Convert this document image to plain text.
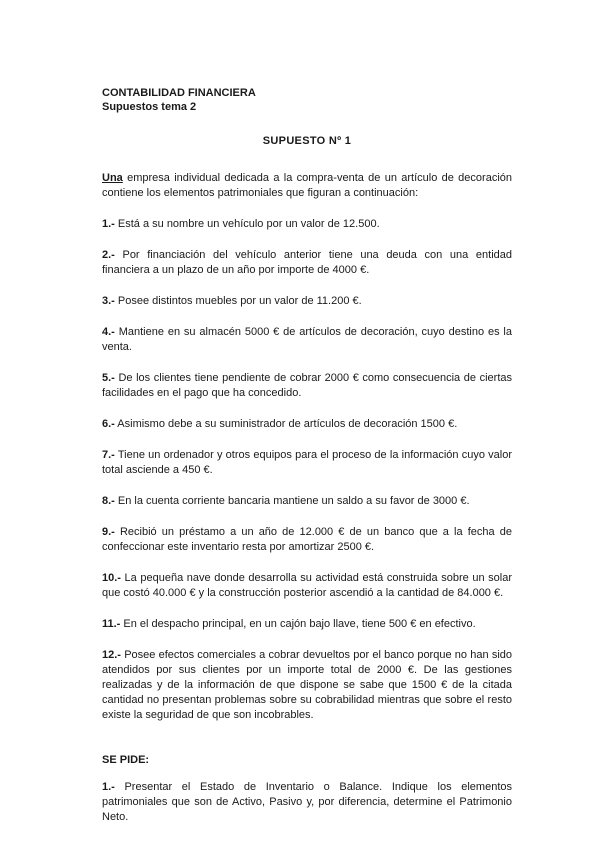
CONTABILIDAD FINANCIERA
Supuestos tema 2
SUPUESTO Nº 1
Una empresa individual dedicada a la compra-venta de un artículo de decoración contiene los elementos patrimoniales que figuran a continuación:
1.- Está a su nombre un vehículo por un valor de 12.500.
2.- Por financiación del vehículo anterior tiene una deuda con una entidad financiera a un plazo de un año por importe de 4000 €.
3.- Posee distintos muebles por un valor de 11.200 €.
4.- Mantiene en su almacén 5000 € de artículos de decoración, cuyo destino es la venta.
5.- De los clientes tiene pendiente de cobrar 2000 € como consecuencia de ciertas facilidades en el pago que ha concedido.
6.- Asimismo debe a su suministrador de artículos de decoración 1500 €.
7.- Tiene un ordenador y otros equipos para el proceso de la información cuyo valor total asciende a 450 €.
8.- En la cuenta corriente bancaria mantiene un saldo a su favor de 3000 €.
9.- Recibió un préstamo a un año de 12.000 € de un banco que a la fecha de confeccionar este inventario resta por amortizar 2500 €.
10.- La pequeña nave donde desarrolla su actividad está construida sobre un solar que costó 40.000 € y la construcción posterior ascendió a la cantidad de 84.000 €.
11.- En el despacho principal, en un cajón bajo llave, tiene 500 € en efectivo.
12.- Posee efectos comerciales a cobrar devueltos por el banco porque no han sido atendidos por sus clientes por un importe total de 2000 €. De las gestiones realizadas y de la información de que dispone se sabe que 1500 € de la citada cantidad no presentan problemas sobre su cobrabilidad mientras que sobre el resto existe la seguridad de que son incobrables.
SE PIDE:
1.- Presentar el Estado de Inventario o Balance. Indique los elementos patrimoniales que son de Activo, Pasivo y, por diferencia, determine el Patrimonio Neto.
